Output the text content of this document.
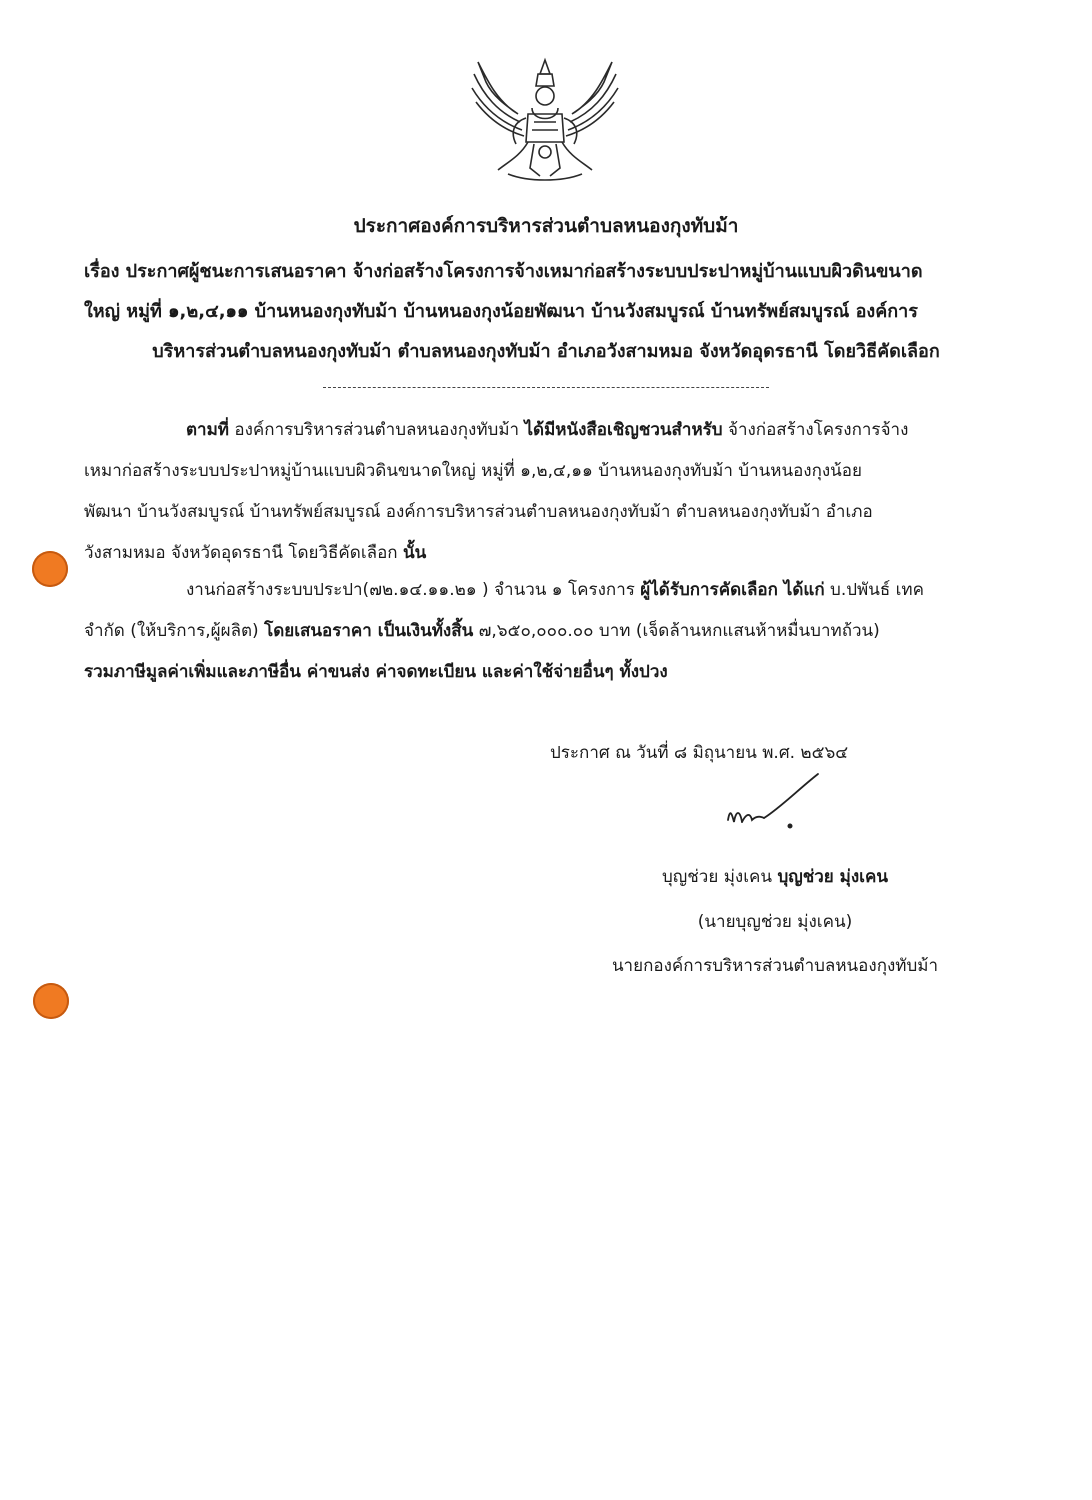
ประกาศองค์การบริหารส่วนตำบลหนองกุงทับม้า
เรื่อง ประกาศผู้ชนะการเสนอราคา จ้างก่อสร้างโครงการจ้างเหมาก่อสร้างระบบประปาหมู่บ้านแบบผิวดินขนาด
ใหญ่ หมู่ที่ ๑,๒,๔,๑๑ บ้านหนองกุงทับม้า บ้านหนองกุงน้อยพัฒนา บ้านวังสมบูรณ์ บ้านทรัพย์สมบูรณ์ องค์การ
บริหารส่วนตำบลหนองกุงทับม้า ตำบลหนองกุงทับม้า อำเภอวังสามหมอ จังหวัดอุดรธานี โดยวิธีคัดเลือก
ตามที่ องค์การบริหารส่วนตำบลหนองกุงทับม้า ได้มีหนังสือเชิญชวนสำหรับ จ้างก่อสร้างโครงการจ้าง
เหมาก่อสร้างระบบประปาหมู่บ้านแบบผิวดินขนาดใหญ่ หมู่ที่ ๑,๒,๔,๑๑ บ้านหนองกุงทับม้า บ้านหนองกุงน้อย
พัฒนา บ้านวังสมบูรณ์ บ้านทรัพย์สมบูรณ์ องค์การบริหารส่วนตำบลหนองกุงทับม้า ตำบลหนองกุงทับม้า อำเภอ
วังสามหมอ จังหวัดอุดรธานี โดยวิธีคัดเลือก นั้น
งานก่อสร้างระบบประปา(๗๒.๑๔.๑๑.๒๑ ) จำนวน ๑ โครงการ ผู้ได้รับการคัดเลือก ได้แก่ บ.ปพันธ์ เทค
จำกัด (ให้บริการ,ผู้ผลิต) โดยเสนอราคา เป็นเงินทั้งสิ้น ๗,๖๕๐,๐๐๐.๐๐ บาท (เจ็ดล้านหกแสนห้าหมื่นบาทถ้วน)
รวมภาษีมูลค่าเพิ่มและภาษีอื่น ค่าขนส่ง ค่าจดทะเบียน และค่าใช้จ่ายอื่นๆ ทั้งปวง
ประกาศ ณ วันที่ ๘ มิถุนายน พ.ศ. ๒๕๖๔
บุญช่วย มุ่งเคน บุญช่วย มุ่งเคน
(นายบุญช่วย มุ่งเคน)
นายกองค์การบริหารส่วนตำบลหนองกุงทับม้า
